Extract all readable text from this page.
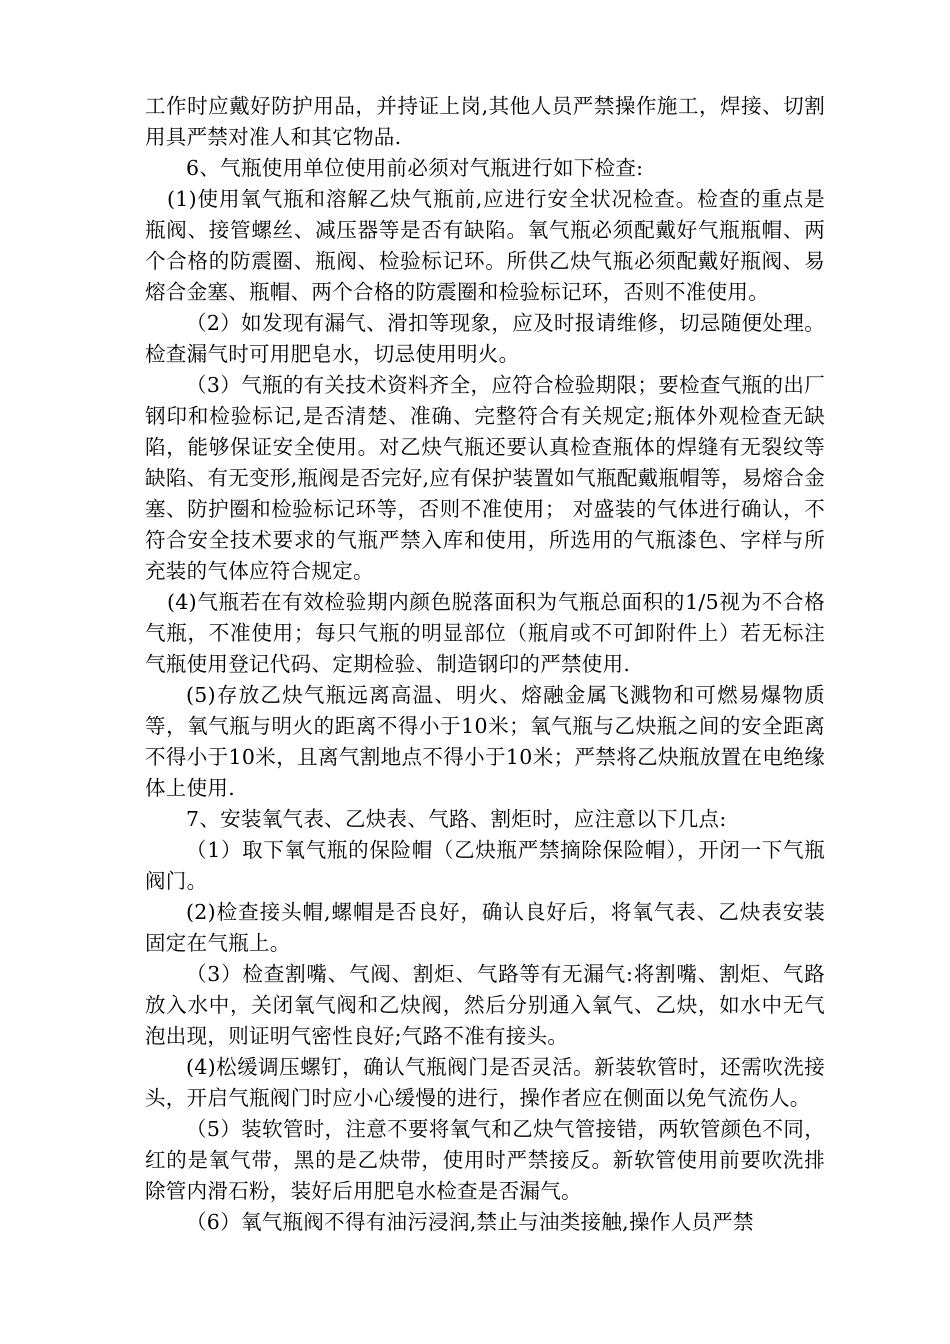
工作时应戴好防护用品，并持证上岗,其他人员严禁操作施工，焊接、切割用具严禁对准人和其它物品.

6、气瓶使用单位使用前必须对气瓶进行如下检查:

(1)使用氧气瓶和溶解乙炔气瓶前,应进行安全状况检查。检查的重点是瓶阀、接管螺丝、减压器等是否有缺陷。氧气瓶必须配戴好气瓶瓶帽、两个合格的防震圈、瓶阀、检验标记环。所供乙炔气瓶必须配戴好瓶阀、易熔合金塞、瓶帽、两个合格的防震圈和检验标记环，否则不准使用。

（2）如发现有漏气、滑扣等现象，应及时报请维修，切忌随便处理。检查漏气时可用肥皂水，切忌使用明火。

（3）气瓶的有关技术资料齐全，应符合检验期限；要检查气瓶的出厂钢印和检验标记,是否清楚、准确、完整符合有关规定;瓶体外观检查无缺陷，能够保证安全使用。对乙炔气瓶还要认真检查瓶体的焊缝有无裂纹等缺陷、有无变形,瓶阀是否完好,应有保护装置如气瓶配戴瓶帽等，易熔合金塞、防护圈和检验标记环等，否则不准使用； 对盛装的气体进行确认，不符合安全技术要求的气瓶严禁入库和使用，所选用的气瓶漆色、字样与所充装的气体应符合规定。

(4)气瓶若在有效检验期内颜色脱落面积为气瓶总面积的1/5视为不合格气瓶，不准使用；每只气瓶的明显部位（瓶肩或不可卸附件上）若无标注气瓶使用登记代码、定期检验、制造钢印的严禁使用.

(5)存放乙炔气瓶远离高温、明火、熔融金属飞溅物和可燃易爆物质等，氧气瓶与明火的距离不得小于10米；氧气瓶与乙炔瓶之间的安全距离不得小于10米，且离气割地点不得小于10米；严禁将乙炔瓶放置在电绝缘体上使用.

7、安装氧气表、乙炔表、气路、割炬时，应注意以下几点:

（1）取下氧气瓶的保险帽（乙炔瓶严禁摘除保险帽），开闭一下气瓶阀门。

(2)检查接头帽,螺帽是否良好，确认良好后，将氧气表、乙炔表安装固定在气瓶上。

（3）检查割嘴、气阀、割炬、气路等有无漏气:将割嘴、割炬、气路放入水中，关闭氧气阀和乙炔阀，然后分别通入氧气、乙炔，如水中无气泡出现，则证明气密性良好;气路不准有接头。

(4)松缓调压螺钉，确认气瓶阀门是否灵活。新装软管时，还需吹洗接头，开启气瓶阀门时应小心缓慢的进行，操作者应在侧面以免气流伤人。

（5）装软管时，注意不要将氧气和乙炔气管接错，两软管颜色不同，红的是氧气带，黑的是乙炔带，使用时严禁接反。新软管使用前要吹洗排除管内滑石粉，装好后用肥皂水检查是否漏气。

（6）氧气瓶阀不得有油污浸润,禁止与油类接触,操作人员严禁
